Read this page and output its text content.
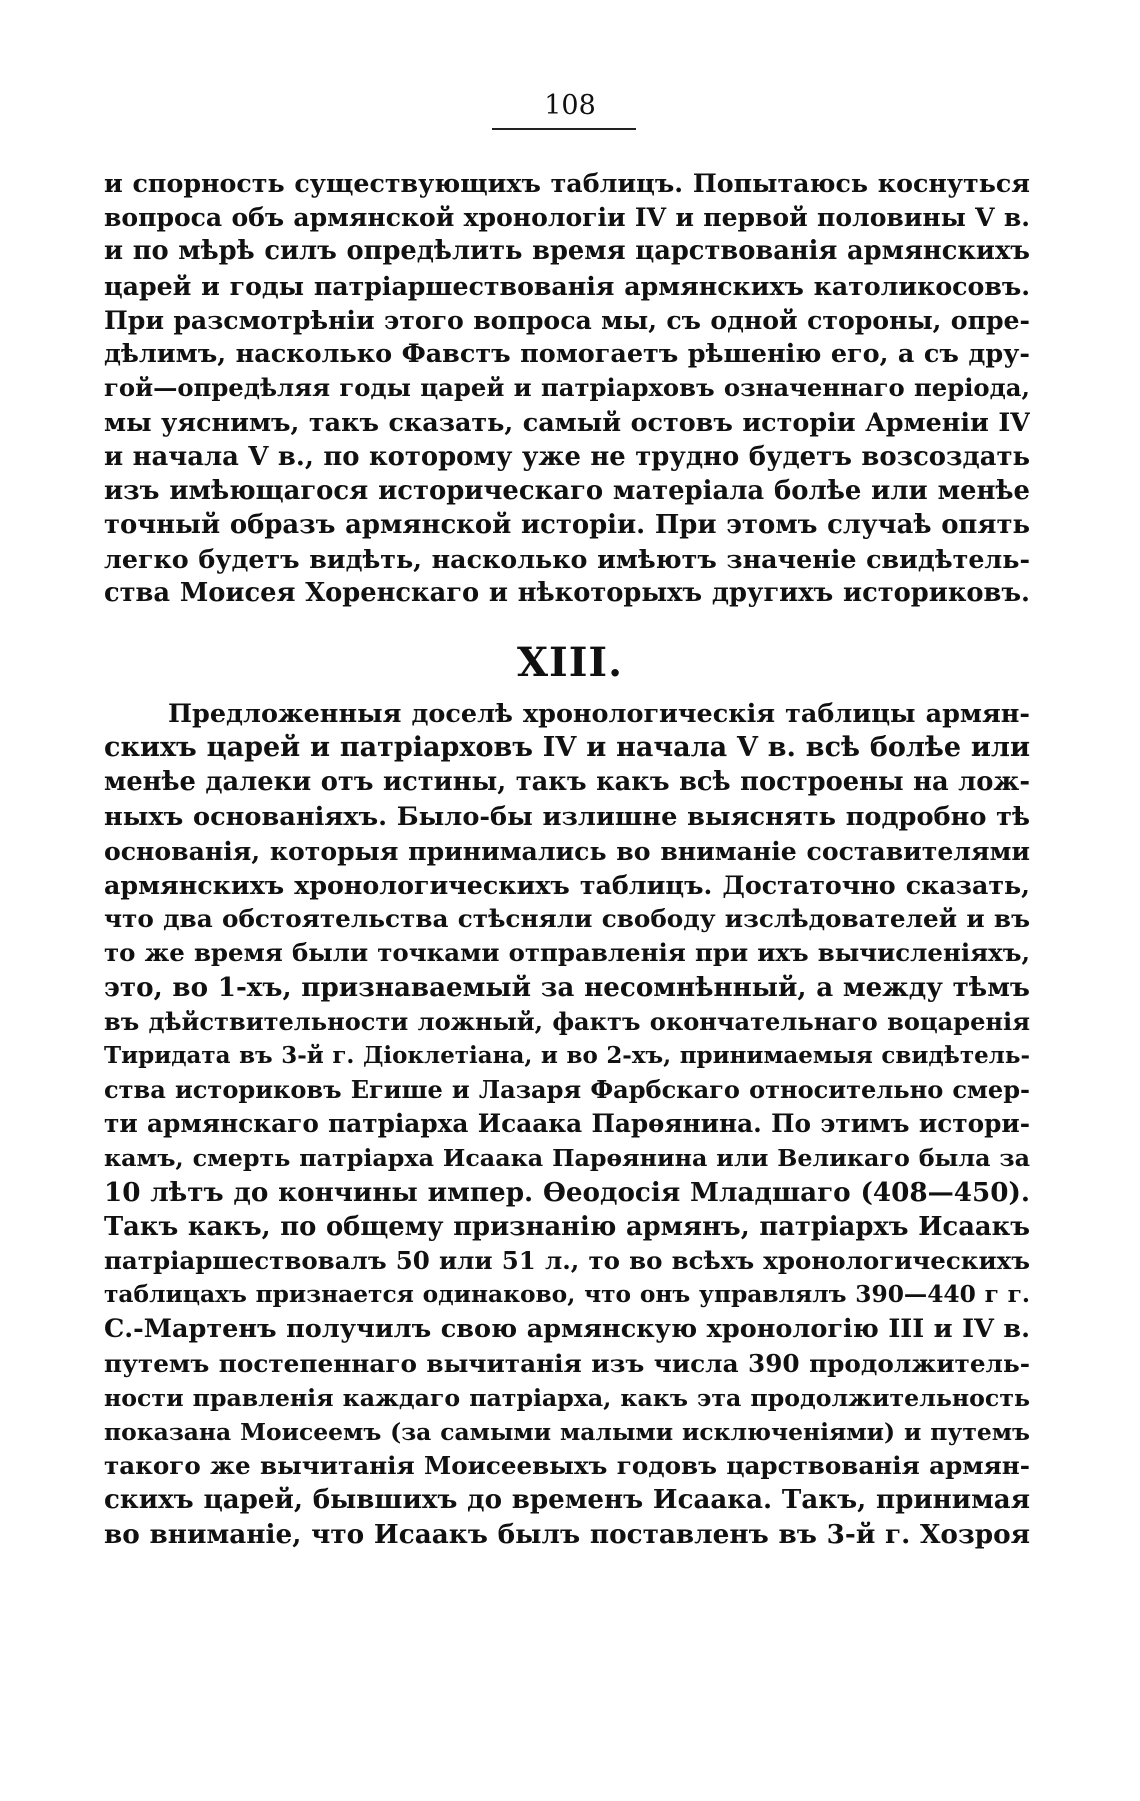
108
и спорность существующихъ таблицъ. Попытаюсь коснуться
вопроса объ армянской хронологіи IV и первой половины V в.
и по мѣрѣ силъ опредѣлить время царствованія армянскихъ
царей и годы патріаршествованія армянскихъ католикосовъ.
При разсмотрѣніи этого вопроса мы, съ одной стороны, опре-
дѣлимъ, насколько Фавстъ помогаетъ рѣшенію его, а съ дру-
гой—опредѣляя годы царей и патріарховъ означеннаго періода,
мы уяснимъ, такъ сказать, самый остовъ исторіи Арменіи IV
и начала V в., по которому уже не трудно будетъ возсоздать
изъ имѣющагося историческаго матеріала болѣе или менѣе
точный образъ армянской исторіи. При этомъ случаѣ опять
легко будетъ видѣть, насколько имѣютъ значеніе свидѣтель-
ства Моисея Хоренскаго и нѣкоторыхъ другихъ историковъ.
XIII.
Предложенныя доселѣ хронологическія таблицы армян-
скихъ царей и патріарховъ IV и начала V в. всѣ болѣе или
менѣе далеки отъ истины, такъ какъ всѣ построены на лож-
ныхъ основаніяхъ. Было-бы излишне выяснять подробно тѣ
основанія, которыя принимались во вниманіе составителями
армянскихъ хронологическихъ таблицъ. Достаточно сказать,
что два обстоятельства стѣсняли свободу изслѣдователей и въ
то же время были точками отправленія при ихъ вычисленіяхъ,
это, во 1-хъ, признаваемый за несомнѣнный, а между тѣмъ
въ дѣйствительности ложный, фактъ окончательнаго воцаренія
Тиридата въ 3-й г. Діоклетіана, и во 2-хъ, принимаемыя свидѣтель-
ства историковъ Егише и Лазаря Фарбскаго относительно смер-
ти армянскаго патріарха Исаака Парѳянина. По этимъ истори-
камъ, смерть патріарха Исаака Парѳянина или Великаго была за
10 лѣтъ до кончины импер. Ѳеодосія Младшаго (408—450).
Такъ какъ, по общему признанію армянъ, патріархъ Исаакъ
патріаршествовалъ 50 или 51 л., то во всѣхъ хронологическихъ
таблицахъ признается одинаково, что онъ управлялъ 390—440 г г.
С.-Мартенъ получилъ свою армянскую хронологію III и IV в.
путемъ постепеннаго вычитанія изъ числа 390 продолжитель-
ности правленія каждаго патріарха, какъ эта продолжительность
показана Моисеемъ (за самыми малыми исключеніями) и путемъ
такого же вычитанія Моисеевыхъ годовъ царствованія армян-
скихъ царей, бывшихъ до временъ Исаака. Такъ, принимая
во вниманіе, что Исаакъ былъ поставленъ въ 3-й г. Хозроя
